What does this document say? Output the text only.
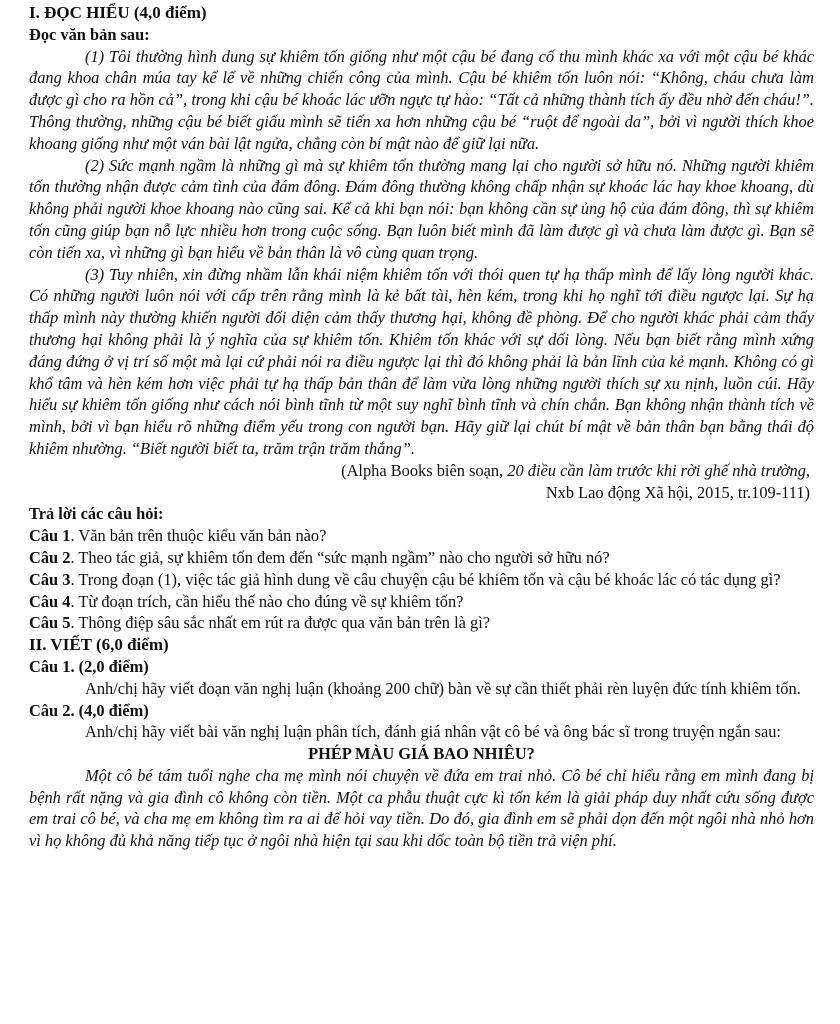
I. ĐỌC HIỂU (4,0 điểm)

Đọc văn bản sau:

(1) Tôi thường hình dung sự khiêm tốn giống như một cậu bé đang cố thu mình khác xa với một cậu bé khác đang khoa chân múa tay kể lể về những chiến công của mình. Cậu bé khiêm tốn luôn nói: “Không, cháu chưa làm được gì cho ra hồn cả”, trong khi cậu bé khoác lác ưỡn ngực tự hào: “Tất cả những thành tích ấy đều nhờ đến cháu!”. Thông thường, những cậu bé biết giấu mình sẽ tiến xa hơn những cậu bé “ruột để ngoài da”, bởi vì người thích khoe khoang giống như một ván bài lật ngửa, chẳng còn bí mật nào để giữ lại nữa.

(2) Sức mạnh ngầm là những gì mà sự khiêm tốn thường mang lại cho người sở hữu nó. Những người khiêm tốn thường nhận được cảm tình của đám đông. Đám đông thường không chấp nhận sự khoác lác hay khoe khoang, dù không phải người khoe khoang nào cũng sai. Kể cả khi bạn nói: bạn không cần sự ủng hộ của đám đông, thì sự khiêm tốn cũng giúp bạn nỗ lực nhiều hơn trong cuộc sống. Bạn luôn biết mình đã làm được gì và chưa làm được gì. Bạn sẽ còn tiến xa, vì những gì bạn hiểu về bản thân là vô cùng quan trọng.

(3) Tuy nhiên, xin đừng nhầm lẫn khái niệm khiêm tốn với thói quen tự hạ thấp mình để lấy lòng người khác. Có những người luôn nói với cấp trên rằng mình là kẻ bất tài, hèn kém, trong khi họ nghĩ tới điều ngược lại. Sự hạ thấp mình này thường khiến người đối diện cảm thấy thương hại, không đề phòng. Để cho người khác phải cảm thấy thương hại không phải là ý nghĩa của sự khiêm tốn. Khiêm tốn khác với sự dối lòng. Nếu bạn biết rằng mình xứng đáng đứng ở vị trí số một mà lại cứ phải nói ra điều ngược lại thì đó không phải là bản lĩnh của kẻ mạnh. Không có gì khổ tâm và hèn kém hơn việc phải tự hạ thấp bản thân để làm vừa lòng những người thích sự xu nịnh, luồn cúi. Hãy hiểu sự khiêm tốn giống như cách nói bình tĩnh từ một suy nghĩ bình tĩnh và chín chắn. Bạn không nhận thành tích về mình, bởi vì bạn hiểu rõ những điểm yếu trong con người bạn. Hãy giữ lại chút bí mật về bản thân bạn bằng thái độ khiêm nhường. “Biết người biết ta, trăm trận trăm thắng”.

(Alpha Books biên soạn, 20 điều cần làm trước khi rời ghế nhà trường,

Nxb Lao động Xã hội, 2015, tr.109-111)

Trả lời các câu hỏi:

Câu 1. Văn bản trên thuộc kiểu văn bản nào?

Câu 2. Theo tác giả, sự khiêm tốn đem đến “sức mạnh ngầm” nào cho người sở hữu nó?

Câu 3. Trong đoạn (1), việc tác giả hình dung về câu chuyện cậu bé khiêm tốn và cậu bé khoác lác có tác dụng gì?

Câu 4. Từ đoạn trích, cần hiểu thế nào cho đúng về sự khiêm tốn?

Câu 5. Thông điệp sâu sắc nhất em rút ra được qua văn bản trên là gì?

II. VIẾT (6,0 điểm)

Câu 1. (2,0 điểm)

Anh/chị hãy viết đoạn văn nghị luận (khoảng 200 chữ) bàn về sự cần thiết phải rèn luyện đức tính khiêm tốn.

Câu 2. (4,0 điểm)

Anh/chị hãy viết bài văn nghị luận phân tích, đánh giá nhân vật cô bé và ông bác sĩ trong truyện ngắn sau:

PHÉP MÀU GIÁ BAO NHIÊU?

Một cô bé tám tuổi nghe cha mẹ mình nói chuyện về đứa em trai nhỏ. Cô bé chỉ hiểu rằng em mình đang bị bệnh rất nặng và gia đình cô không còn tiền. Một ca phẫu thuật cực kì tốn kém là giải pháp duy nhất cứu sống được em trai cô bé, và cha mẹ em không tìm ra ai để hỏi vay tiền. Do đó, gia đình em sẽ phải dọn đến một ngôi nhà nhỏ hơn vì họ không đủ khả năng tiếp tục ở ngôi nhà hiện tại sau khi dốc toàn bộ tiền trả viện phí.
